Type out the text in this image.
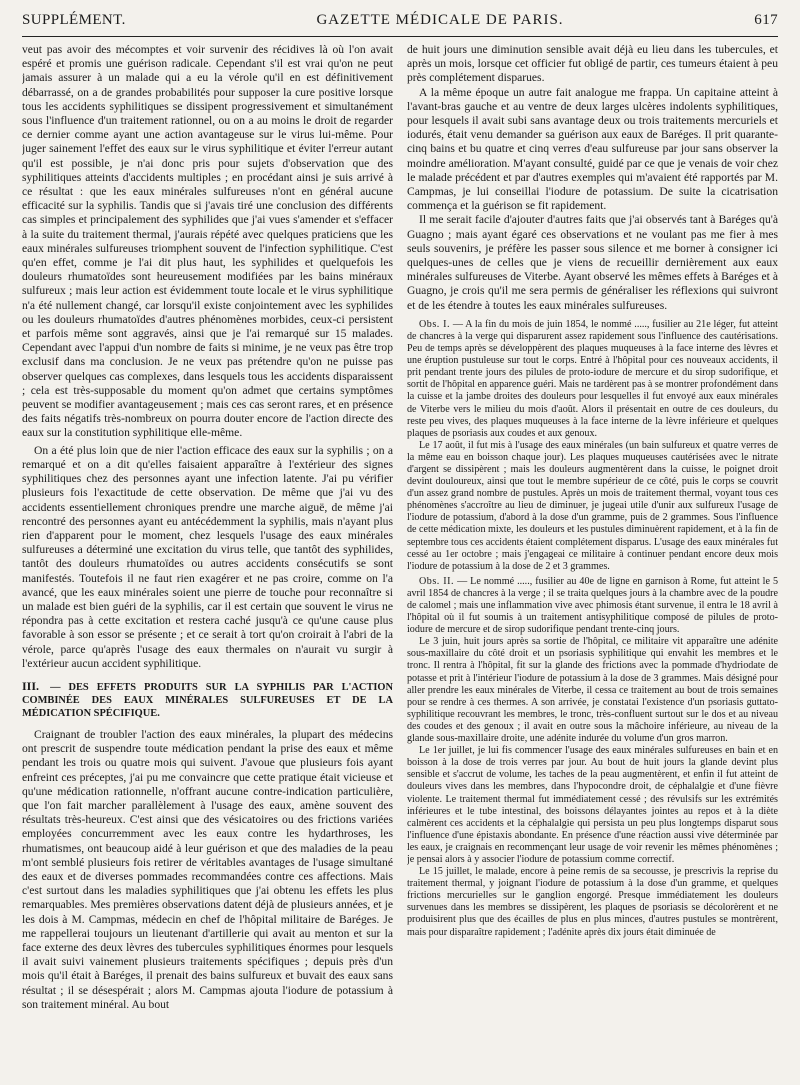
SUPPLÉMENT.	GAZETTE MÉDICALE DE PARIS.	617

veut pas avoir des mécomptes et voir survenir des récidives là où l'on avait espéré et promis une guérison radicale. Cependant s'il est vrai qu'on ne peut jamais assurer à un malade qui a eu la vérole qu'il en est définitivement débarrassé, on a de grandes probabilités pour supposer la cure positive lorsque tous les accidents syphilitiques se dissipent progressivement et simultanément sous l'influence d'un traitement rationnel, ou on a au moins le droit de regarder ce dernier comme ayant une action avantageuse sur le virus lui-même. Pour juger sainement l'effet des eaux sur le virus syphilitique et éviter l'erreur autant qu'il est possible, je n'ai donc pris pour sujets d'observation que des syphilitiques atteints d'accidents multiples ; en procédant ainsi je suis arrivé à ce résultat : que les eaux minérales sulfureuses n'ont en général aucune efficacité sur la syphilis. Tandis que si j'avais tiré une conclusion des différents cas simples et principalement des syphilides que j'ai vues s'amender et s'effacer à la suite du traitement thermal, j'aurais répété avec quelques praticiens que les eaux minérales sulfureuses triomphent souvent de l'infection syphilitique. C'est qu'en effet, comme je l'ai dit plus haut, les syphilides et quelquefois les douleurs rhumatoïdes sont heureusement modifiées par les bains minéraux sulfureux ; mais leur action est évidemment toute locale et le virus syphilitique n'a été nullement changé, car lorsqu'il existe conjointement avec les syphilides ou les douleurs rhumatoïdes d'autres phénomènes morbides, ceux-ci persistent et parfois même sont aggravés, ainsi que je l'ai remarqué sur 15 malades. Cependant avec l'appui d'un nombre de faits si minime, je ne veux pas être trop exclusif dans ma conclusion. Je ne veux pas prétendre qu'on ne puisse pas observer quelques cas complexes, dans lesquels tous les accidents disparaissent ; cela est très-supposable du moment qu'on admet que certains symptômes peuvent se modifier avantageusement ; mais ces cas seront rares, et en présence des faits négatifs très-nombreux on pourra douter encore de l'action directe des eaux sur la constitution syphilitique elle-même.

On a été plus loin que de nier l'action efficace des eaux sur la syphilis ; on a remarqué et on a dit qu'elles faisaient apparaître à l'extérieur des signes syphilitiques chez des personnes ayant une infection latente. J'ai pu vérifier plusieurs fois l'exactitude de cette observation. De même que j'ai vu des accidents essentiellement chroniques prendre une marche aiguë, de même j'ai rencontré des personnes ayant eu antécédemment la syphilis, mais n'ayant plus rien d'apparent pour le moment, chez lesquels l'usage des eaux minérales sulfureuses a déterminé une excitation du virus telle, que tantôt des syphilides, tantôt des douleurs rhumatoïdes ou autres accidents consécutifs se sont manifestés. Toutefois il ne faut rien exagérer et ne pas croire, comme on l'a avancé, que les eaux minérales soient une pierre de touche pour reconnaître si un malade est bien guéri de la syphilis, car il est certain que souvent le virus ne répondra pas à cette excitation et restera caché jusqu'à ce qu'une cause plus favorable à son essor se présente ; et ce serait à tort qu'on croirait à l'abri de la vérole, parce qu'après l'usage des eaux thermales on n'aurait vu surgir à l'extérieur aucun accident syphilitique.

III. — DES EFFETS PRODUITS SUR LA SYPHILIS PAR L'ACTION COMBINÉE DES EAUX MINÉRALES SULFUREUSES ET DE LA MÉDICATION SPÉCIFIQUE.

Craignant de troubler l'action des eaux minérales, la plupart des médecins ont prescrit de suspendre toute médication pendant la prise des eaux et même pendant les trois ou quatre mois qui suivent. J'avoue que plusieurs fois ayant enfreint ces préceptes, j'ai pu me convaincre que cette pratique était vicieuse et qu'une médication rationnelle, n'offrant aucune contre-indication particulière, que l'on fait marcher parallèlement à l'usage des eaux, amène souvent des résultats très-heureux. C'est ainsi que des vésicatoires ou des frictions variées employées concurremment avec les eaux contre les hydarthroses, les rhumatismes, ont beaucoup aidé à leur guérison et que des maladies de la peau m'ont semblé plusieurs fois retirer de véritables avantages de l'usage simultané des eaux et de diverses pommades recommandées contre ces affections. Mais c'est surtout dans les maladies syphilitiques que j'ai obtenu les effets les plus remarquables. Mes premières observations datent déjà de plusieurs années, et je les dois à M. Campmas, médecin en chef de l'hôpital militaire de Baréges. Je me rappellerai toujours un lieutenant d'artillerie qui avait au menton et sur la face externe des deux lèvres des tubercules syphilitiques énormes pour lesquels il avait suivi vainement plusieurs traitements spécifiques ; depuis près d'un mois qu'il était à Baréges, il prenait des bains sulfureux et buvait des eaux sans résultat ; il se désespérait ; alors M. Campmas ajouta l'iodure de potassium à son traitement minéral. Au bout

de huit jours une diminution sensible avait déjà eu lieu dans les tubercules, et après un mois, lorsque cet officier fut obligé de partir, ces tumeurs étaient à peu près complétement disparues.

A la même époque un autre fait analogue me frappa. Un capitaine atteint à l'avant-bras gauche et au ventre de deux larges ulcères indolents syphilitiques, pour lesquels il avait subi sans avantage deux ou trois traitements mercuriels et iodurés, était venu demander sa guérison aux eaux de Baréges. Il prit quarante-cinq bains et bu quatre et cinq verres d'eau sulfureuse par jour sans observer la moindre amélioration. M'ayant consulté, guidé par ce que je venais de voir chez le malade précédent et par d'autres exemples qui m'avaient été rapportés par M. Campmas, je lui conseillai l'iodure de potassium. De suite la cicatrisation commença et la guérison se fit rapidement.

Il me serait facile d'ajouter d'autres faits que j'ai observés tant à Baréges qu'à Guagno ; mais ayant égaré ces observations et ne voulant pas me fier à mes seuls souvenirs, je préfère les passer sous silence et me borner à consigner ici quelques-unes de celles que je viens de recueillir dernièrement aux eaux minérales sulfureuses de Viterbe. Ayant observé les mêmes effets à Baréges et à Guagno, je crois qu'il me sera permis de généraliser les réflexions qui suivront et de les étendre à toutes les eaux minérales sulfureuses.

Obs. I. — A la fin du mois de juin 1854, le nommé ....., fusilier au 21e léger, fut atteint de chancres à la verge qui disparurent assez rapidement sous l'influence des cautérisations. Peu de temps après se développèrent des plaques muqueuses à la face interne des lèvres et une éruption pustuleuse sur tout le corps. Entré à l'hôpital pour ces nouveaux accidents, il prit pendant trente jours des pilules de proto-iodure de mercure et du sirop sudorifique, et sortit de l'hôpital en apparence guéri. Mais ne tardèrent pas à se montrer profondément dans la cuisse et la jambe droites des douleurs pour lesquelles il fut envoyé aux eaux minérales de Viterbe vers le milieu du mois d'août. Alors il présentait en outre de ces douleurs, du reste peu vives, des plaques muqueuses à la face interne de la lèvre inférieure et quelques plaques de psoriasis aux coudes et aux genoux.

Le 17 août, il fut mis à l'usage des eaux minérales (un bain sulfureux et quatre verres de la même eau en boisson chaque jour). Les plaques muqueuses cautérisées avec le nitrate d'argent se dissipèrent ; mais les douleurs augmentèrent dans la cuisse, le poignet droit devint douloureux, ainsi que tout le membre supérieur de ce côté, puis le corps se couvrit d'un assez grand nombre de pustules. Après un mois de traitement thermal, voyant tous ces phénomènes s'accroître au lieu de diminuer, je jugeai utile d'unir aux sulfureux l'usage de l'iodure de potassium, d'abord à la dose d'un gramme, puis de 2 grammes. Sous l'influence de cette médication mixte, les douleurs et les pustules diminuèrent rapidement, et à la fin de septembre tous ces accidents étaient complétement disparus. L'usage des eaux minérales fut cessé au 1er octobre ; mais j'engageai ce militaire à continuer pendant encore deux mois l'iodure de potassium à la dose de 2 et 3 grammes.

Obs. II. — Le nommé ....., fusilier au 40e de ligne en garnison à Rome, fut atteint le 5 avril 1854 de chancres à la verge ; il se traita quelques jours à la chambre avec de la poudre de calomel ; mais une inflammation vive avec phimosis étant survenue, il entra le 18 avril à l'hôpital où il fut soumis à un traitement antisyphilitique composé de pilules de proto-iodure de mercure et de sirop sudorifique pendant trente-cinq jours.

Le 3 juin, huit jours après sa sortie de l'hôpital, ce militaire vit apparaître une adénite sous-maxillaire du côté droit et un psoriasis syphilitique qui envahit les membres et le tronc. Il rentra à l'hôpital, fit sur la glande des frictions avec la pommade d'hydriodate de potasse et prit à l'intérieur l'iodure de potassium à la dose de 3 grammes. Mais désigné pour aller prendre les eaux minérales de Viterbe, il cessa ce traitement au bout de trois semaines pour se rendre à ces thermes. A son arrivée, je constatai l'existence d'un psoriasis guttato-syphilitique recouvrant les membres, le tronc, très-confluent surtout sur le dos et au niveau des coudes et des genoux ; il avait en outre sous la mâchoire inférieure, au niveau de la glande sous-maxillaire droite, une adénite indurée du volume d'un gros marron.

Le 1er juillet, je lui fis commencer l'usage des eaux minérales sulfureuses en bain et en boisson à la dose de trois verres par jour. Au bout de huit jours la glande devint plus sensible et s'accrut de volume, les taches de la peau augmentèrent, et enfin il fut atteint de douleurs vives dans les membres, dans l'hypocondre droit, de céphalalgie et d'une fièvre violente. Le traitement thermal fut immédiatement cessé ; des révulsifs sur les extrémités inférieures et le tube intestinal, des boissons délayantes jointes au repos et à la diète calmèrent ces accidents et la céphalalgie qui persista un peu plus longtemps disparut sous l'influence d'une épistaxis abondante. En présence d'une réaction aussi vive déterminée par les eaux, je craignais en recommençant leur usage de voir revenir les mêmes phénomènes ; je pensai alors à y associer l'iodure de potassium comme correctif.

Le 15 juillet, le malade, encore à peine remis de sa secousse, je prescrivis la reprise du traitement thermal, y joignant l'iodure de potassium à la dose d'un gramme, et quelques frictions mercurielles sur le ganglion engorgé. Presque immédiatement les douleurs survenues dans les membres se dissipèrent, les plaques de psoriasis se décolorèrent et ne produisirent plus que des écailles de plus en plus minces, d'autres pustules se montrèrent, mais pour disparaître rapidement ; l'adénite après dix jours était diminuée de
